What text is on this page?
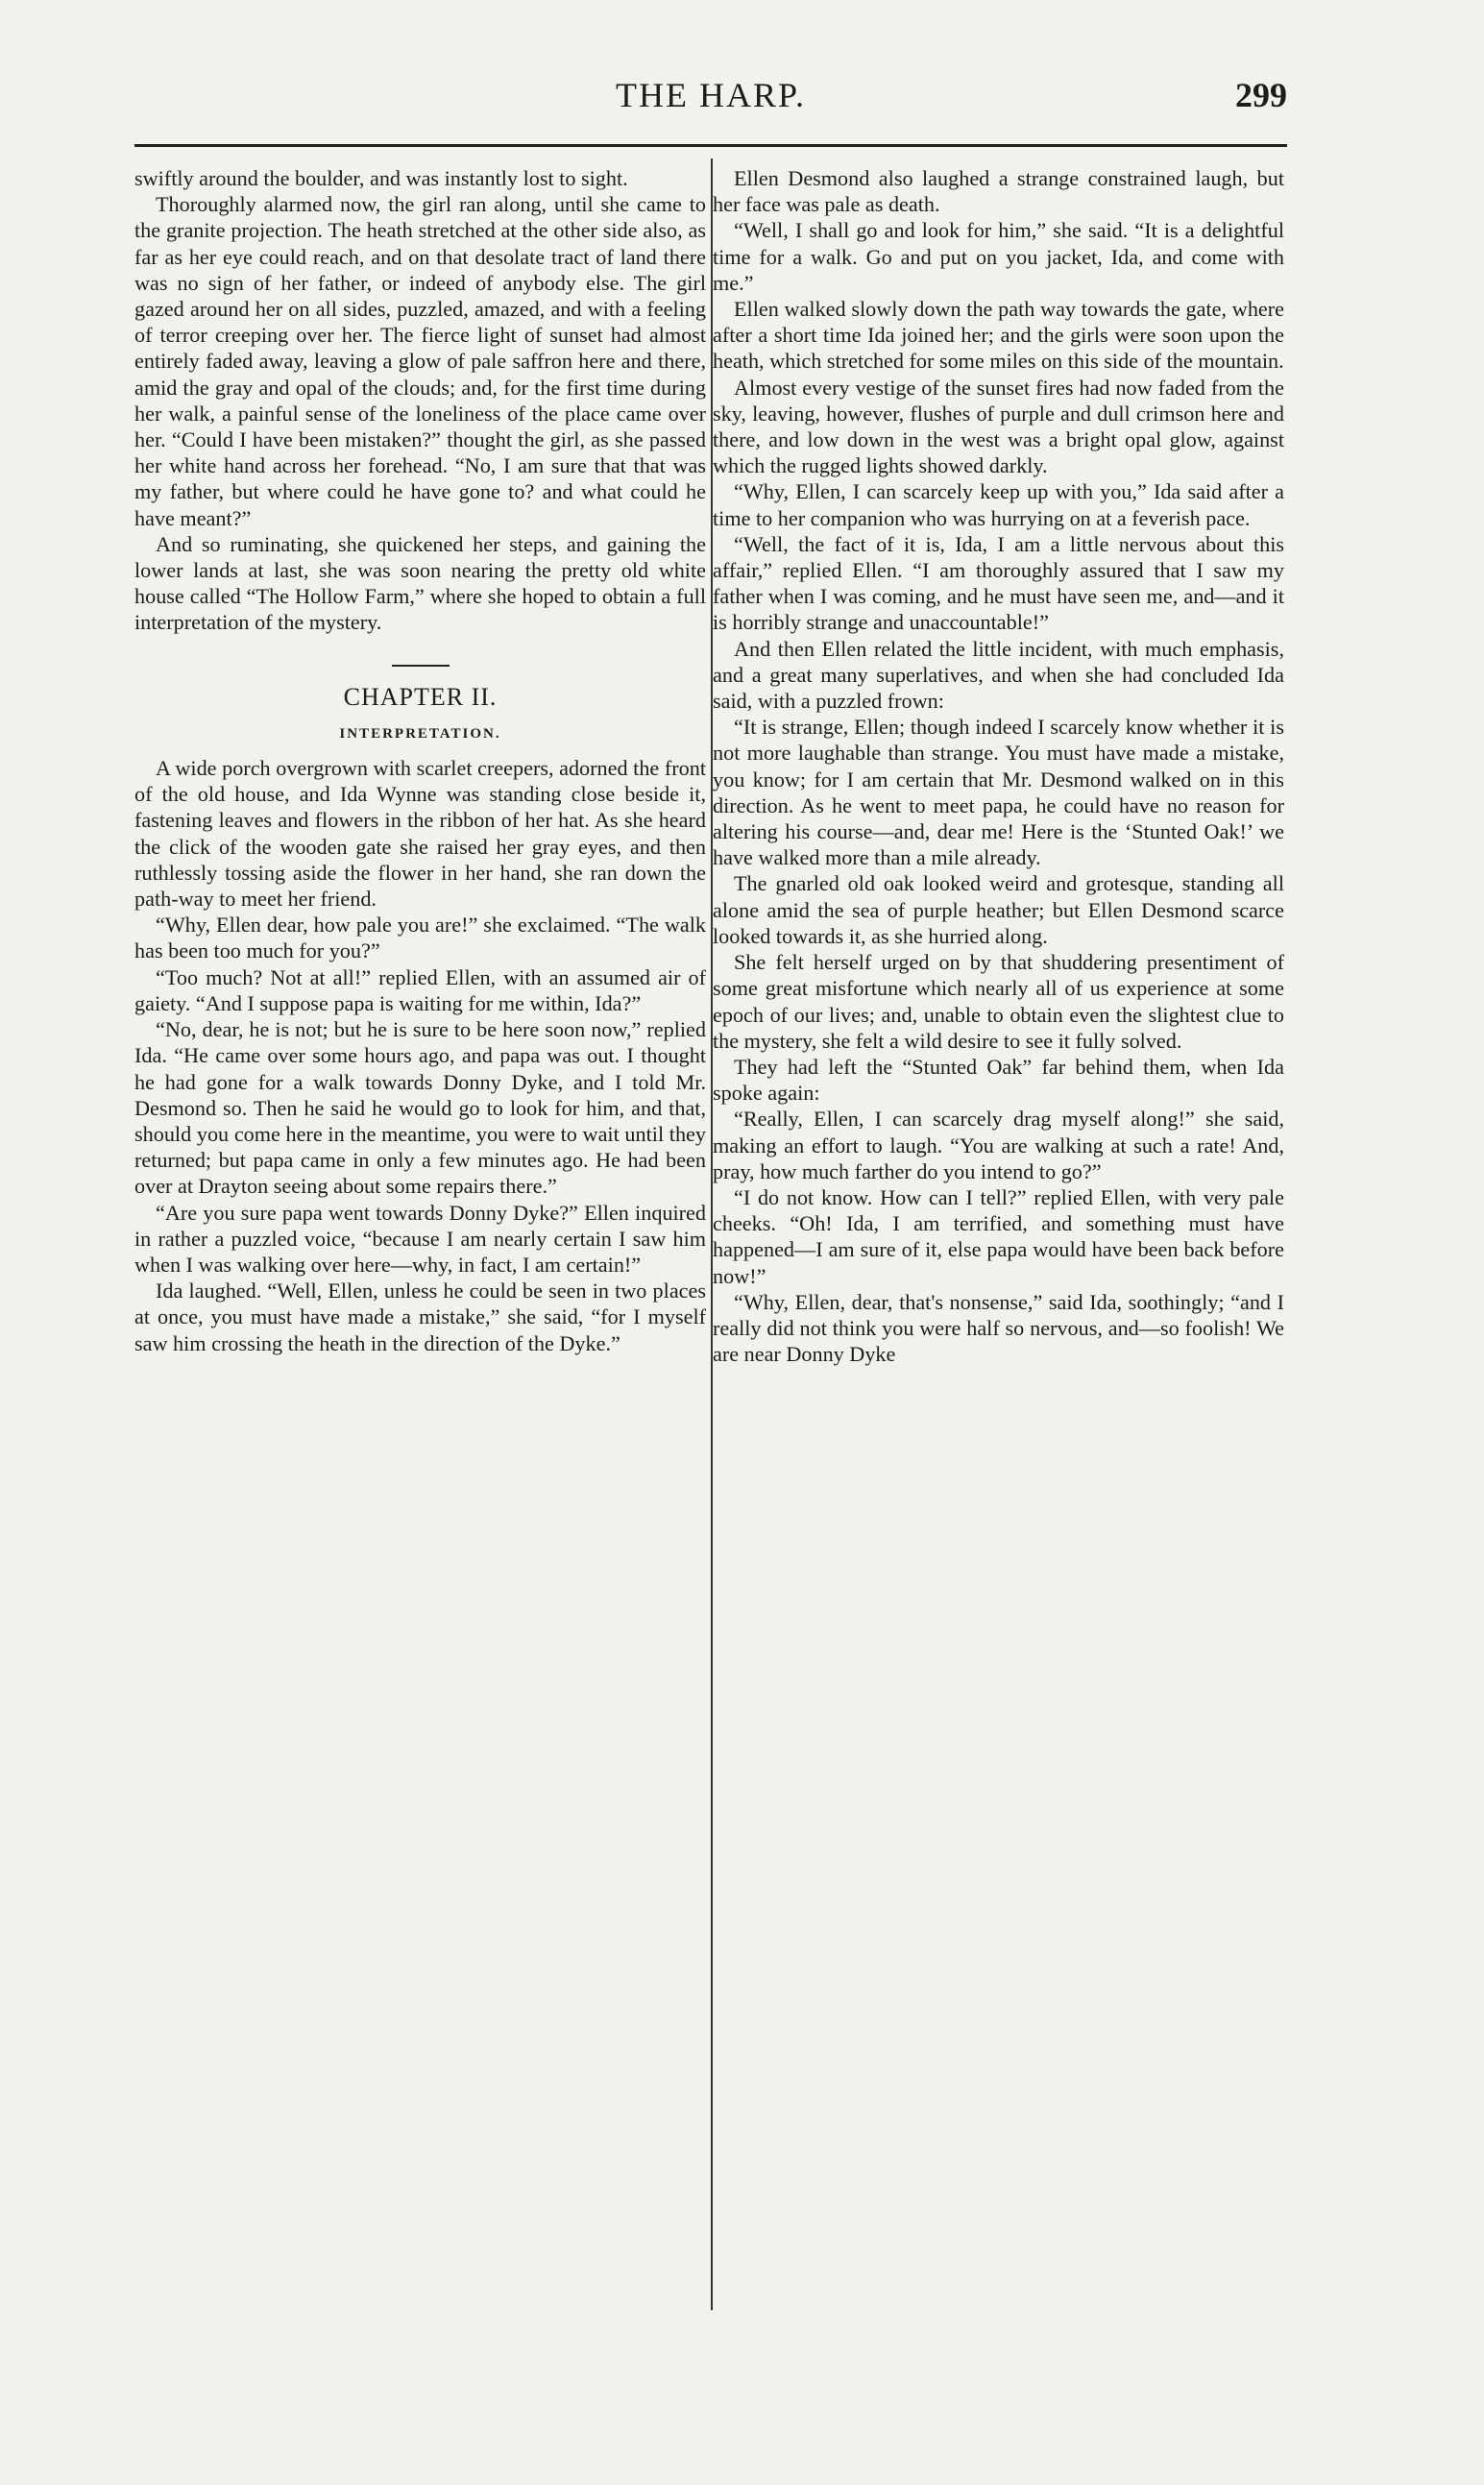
THE HARP.	299

swiftly around the boulder, and was instantly lost to sight.

Thoroughly alarmed now, the girl ran along, until she came to the granite projection. The heath stretched at the other side also, as far as her eye could reach, and on that desolate tract of land there was no sign of her father, or indeed of anybody else. The girl gazed around her on all sides, puzzled, amazed, and with a feeling of terror creeping over her. The fierce light of sunset had almost entirely faded away, leaving a glow of pale saffron here and there, amid the gray and opal of the clouds; and, for the first time during her walk, a painful sense of the loneliness of the place came over her. “Could I have been mistaken?” thought the girl, as she passed her white hand across her forehead. “No, I am sure that that was my father, but where could he have gone to? and what could he have meant?”

And so ruminating, she quickened her steps, and gaining the lower lands at last, she was soon nearing the pretty old white house called “The Hollow Farm,” where she hoped to obtain a full interpretation of the mystery.

CHAPTER II.
INTERPRETATION.

A wide porch overgrown with scarlet creepers, adorned the front of the old house, and Ida Wynne was standing close beside it, fastening leaves and flowers in the ribbon of her hat. As she heard the click of the wooden gate she raised her gray eyes, and then ruthlessly tossing aside the flower in her hand, she ran down the path-way to meet her friend.

“Why, Ellen dear, how pale you are!” she exclaimed. “The walk has been too much for you?”

“Too much? Not at all!” replied Ellen, with an assumed air of gaiety. “And I suppose papa is waiting for me within, Ida?”

“No, dear, he is not; but he is sure to be here soon now,” replied Ida. “He came over some hours ago, and papa was out. I thought he had gone for a walk towards Donny Dyke, and I told Mr. Desmond so. Then he said he would go to look for him, and that, should you come here in the meantime, you were to wait until they returned; but papa came in only a few minutes ago. He had been over at Drayton seeing about some repairs there.”

“Are you sure papa went towards Donny Dyke?” Ellen inquired in rather a puzzled voice, “because I am nearly certain I saw him when I was walking over here—why, in fact, I am certain!”

Ida laughed. “Well, Ellen, unless he could be seen in two places at once, you must have made a mistake,” she said, “for I myself saw him crossing the heath in the direction of the Dyke.”

Ellen Desmond also laughed a strange constrained laugh, but her face was pale as death.

“Well, I shall go and look for him,” she said. “It is a delightful time for a walk. Go and put on you jacket, Ida, and come with me.”

Ellen walked slowly down the path way towards the gate, where after a short time Ida joined her; and the girls were soon upon the heath, which stretched for some miles on this side of the mountain.

Almost every vestige of the sunset fires had now faded from the sky, leaving, however, flushes of purple and dull crimson here and there, and low down in the west was a bright opal glow, against which the rugged lights showed darkly.

“Why, Ellen, I can scarcely keep up with you,” Ida said after a time to her companion who was hurrying on at a feverish pace.

“Well, the fact of it is, Ida, I am a little nervous about this affair,” replied Ellen. “I am thoroughly assured that I saw my father when I was coming, and he must have seen me, and—and it is horribly strange and unaccountable!”

And then Ellen related the little incident, with much emphasis, and a great many superlatives, and when she had concluded Ida said, with a puzzled frown:

“It is strange, Ellen; though indeed I scarcely know whether it is not more laughable than strange. You must have made a mistake, you know; for I am certain that Mr. Desmond walked on in this direction. As he went to meet papa, he could have no reason for altering his course—and, dear me! Here is the ‘Stunted Oak!’ we have walked more than a mile already.

The gnarled old oak looked weird and grotesque, standing all alone amid the sea of purple heather; but Ellen Desmond scarce looked towards it, as she hurried along.

She felt herself urged on by that shuddering presentiment of some great misfortune which nearly all of us experience at some epoch of our lives; and, unable to obtain even the slightest clue to the mystery, she felt a wild desire to see it fully solved.

They had left the “Stunted Oak” far behind them, when Ida spoke again:

“Really, Ellen, I can scarcely drag myself along!” she said, making an effort to laugh. “You are walking at such a rate! And, pray, how much farther do you intend to go?”

“I do not know. How can I tell?” replied Ellen, with very pale cheeks. “Oh! Ida, I am terrified, and something must have happened—I am sure of it, else papa would have been back before now!”

“Why, Ellen, dear, that's nonsense,” said Ida, soothingly; “and I really did not think you were half so nervous, and—so foolish! We are near Donny Dyke
